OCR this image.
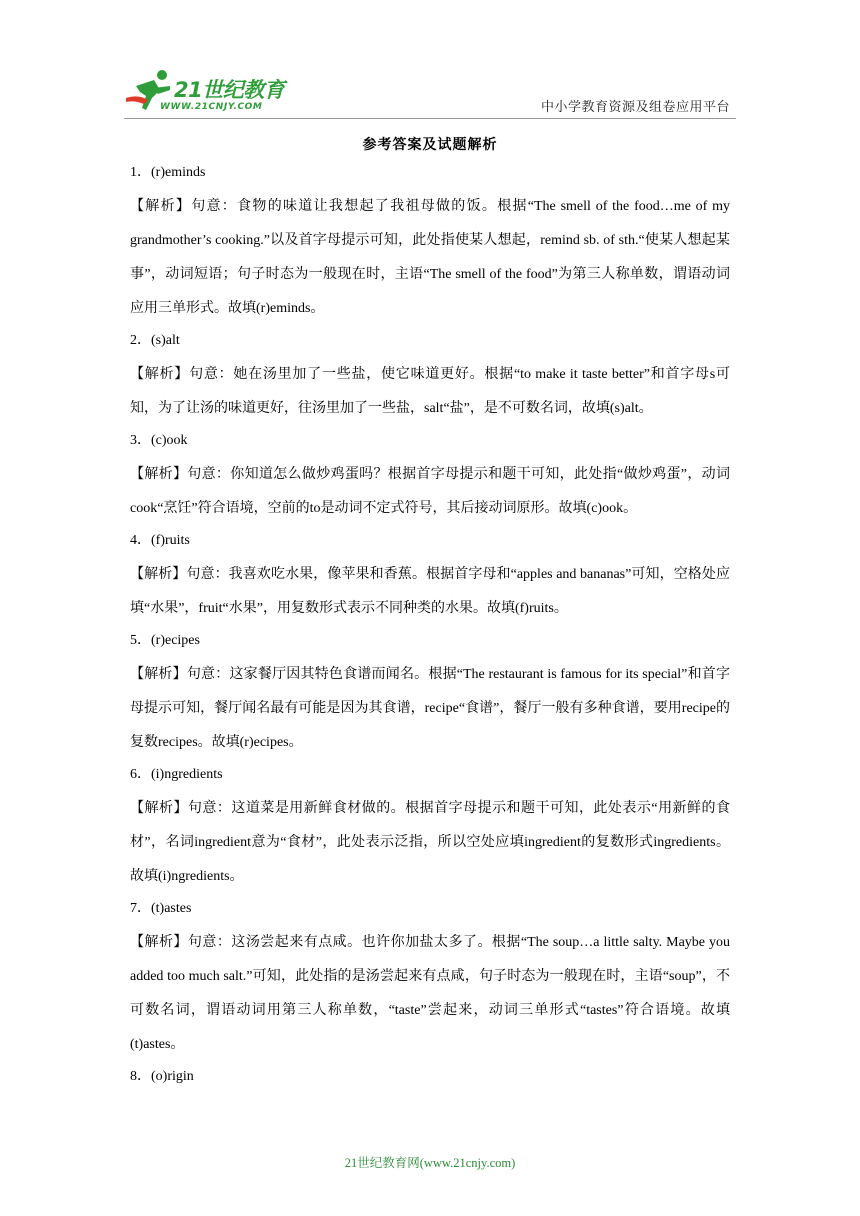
21世纪教育
WWW.21CNJY.COM	中小学教育资源及组卷应用平台
参考答案及试题解析
1．(r)eminds
【解析】句意：食物的味道让我想起了我祖母做的饭。根据“The smell of the food…me of my grandmother’s cooking.”以及首字母提示可知，此处指使某人想起，remind sb. of sth.“使某人想起某事”，动词短语；句子时态为一般现在时，主语“The smell of the food”为第三人称单数，谓语动词应用三单形式。故填(r)eminds。
2．(s)alt
【解析】句意：她在汤里加了一些盐，使它味道更好。根据“to make it taste better”和首字母s可知，为了让汤的味道更好，往汤里加了一些盐，salt“盐”，是不可数名词，故填(s)alt。
3．(c)ook
【解析】句意：你知道怎么做炒鸡蛋吗？根据首字母提示和题干可知，此处指“做炒鸡蛋”，动词cook“烹饪”符合语境，空前的to是动词不定式符号，其后接动词原形。故填(c)ook。
4．(f)ruits
【解析】句意：我喜欢吃水果，像苹果和香蕉。根据首字母和“apples and bananas”可知，空格处应填“水果”，fruit“水果”，用复数形式表示不同种类的水果。故填(f)ruits。
5．(r)ecipes
【解析】句意：这家餐厅因其特色食谱而闻名。根据“The restaurant is famous for its special”和首字母提示可知，餐厅闻名最有可能是因为其食谱，recipe“食谱”，餐厅一般有多种食谱，要用recipe的复数recipes。故填(r)ecipes。
6．(i)ngredients
【解析】句意：这道菜是用新鲜食材做的。根据首字母提示和题干可知，此处表示“用新鲜的食材”，名词ingredient意为“食材”，此处表示泛指，所以空处应填ingredient的复数形式ingredients。故填(i)ngredients。
7．(t)astes
【解析】句意：这汤尝起来有点咸。也许你加盐太多了。根据“The soup…a little salty. Maybe you added too much salt.”可知，此处指的是汤尝起来有点咸，句子时态为一般现在时，主语“soup”，不可数名词，谓语动词用第三人称单数，“taste”尝起来，动词三单形式“tastes”符合语境。故填(t)astes。
8．(o)rigin
21世纪教育网(www.21cnjy.com)
